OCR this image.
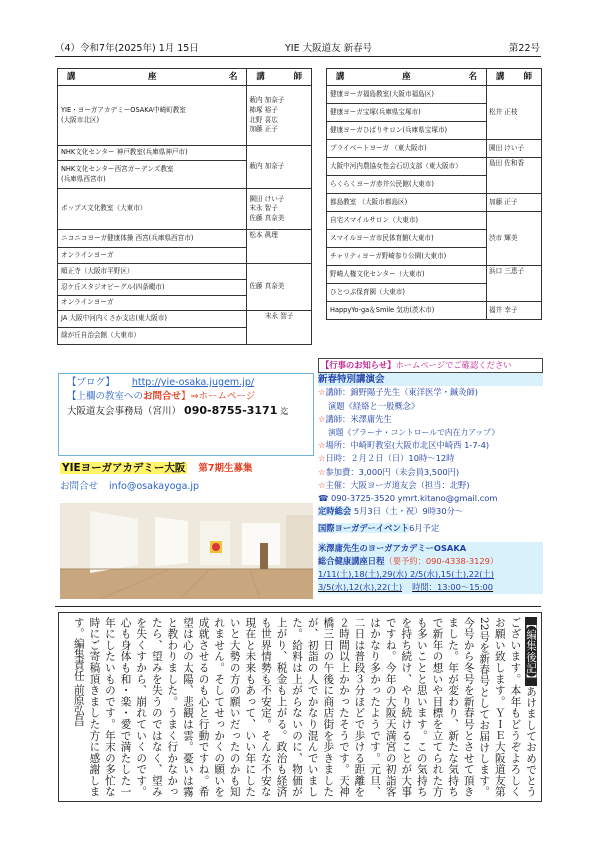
（4）令和7年(2025年) 1月 15日	YIE 大阪道友 新春号	第22号
講 座 名	講 師

YIE・ヨーガアカデミーOSAKA中崎町教室
(大阪市北区)	薮内 加奈子
柿塚 裕子
北野 喜広
加藤 正子

NHK文化センター 神戸教室(兵庫県神戸市)	薮内 加奈子

NHK文化センター西宮ガーデンズ教室
(兵庫県西宮市)	

ポップス文化教室（大東市）	園田 けい子
末永 智子
佐藤 真奈美

ニコニコヨーガ健康体操 西宮(兵庫県西宮市)	松本 眞理

オンラインヨーガ	

順正寺（大阪市平野区）	佐藤 真奈美

忍ケ丘スタジオビーグル(四条畷市)	

オンラインヨーガ	

JA 大阪中河内くさか支店(東大阪市)	末永 智子

緑が丘自治会館（大東市）	
講 座 名	講 師

健康ヨーガ福島教室(大阪市福島区)	松井 正枝
健康ヨーガ宝塚(兵庫県宝塚市)	
健康ヨーガひばりサロン(兵庫県宝塚市)	
プライベートヨーガ （東大阪市)	園田 けい子
大阪中河内農協女性会石切支部（東大阪市）	島田 佐和香
らくらくヨーガ赤井公民館(大東市)	
都島教室 （大阪市都島区)	加藤 正子
自宅スマイルサロン（大東市)	渋市 輝美
スマイルヨーガ市民体育館(大東市)	
チャリティヨーガ野崎参り公園(大東市)	
野崎人権文化センター（大東市)	浜口 三恵子
ひとつぶ保育園（大東市)	
HappyYo-ga＆Smile 気功(茨木市)	福井 幸子
【ブログ】 http://yie-osaka.jugem.jp/
【上欄の教室へのお問合せ】⇒ホームページ
大阪道友会事務局（宮川） 090‐8755‐3171 迄
YIEヨーガアカデミー大阪 第7期生募集
お問合せ info@osakayoga.jp
【行事のお知らせ】ホームページでご確認ください
新春特別講演会
☆講師：錦野陽子先生（東洋医学・鍼灸師)
演題《経絡と一般概念》
☆講師：米澤庸先生
演題《プラーナ・コントロールで内在力アップ》
☆場所：中崎町教室(大阪市北区中崎西 1-7-4)
☆日時：２月２日（日）10時～12時
☆参加費：3,000円（未会員3,500円)
☆主催：大阪ヨーガ道友会（担当：北野)
☎ 090-3725-3520 ymrt.kitano@gmail.com
定時総会 5月3日（土・祝）9時30分～
国際ヨーガデーイベント6月予定
米澤庸先生のヨーガアカデミーOSAKA
総合健康講座日程（要予約：090-4338-3129）
1/11(土),18(土),29(水) 2/5(水),15(土),22(土)
3/5(水),12(水),22(土) 時間：13:00～15:00
【編集後記】あけましておめでとうございます。本年もどうぞよろしくお願い致します。ＹＩＥ大阪道友第22号を新春号としてお届けします。今号から冬号を新春号とさせて頂きました。年が変わり、新たな気持ちで新年の想いや目標を立てられた方も多いことと思います。この気持ちを持ち続け、やり続けることが大事ですね。今年の大阪天満宮の初詣客はかなり多かったようです。元旦、二日は普段３分ほどで歩ける距離を２時間以上かかったそうです。天神橋三日の午後に商店街を歩きましたが、初詣の人でかなり混んでいました。給料は上がらないのに、物価が上がり、税金も上がる。政治も経済も世界情勢も不安定。そんな不安な現在と未来もあって、いい年にしたいと大勢の方の願いだったのかも知れません。そしてせっかくの願いを成就させるのも心と行動ですね。希望は心の太陽、悲観は雲。憂いは霧と教わりました。うまく行かなかったら、望みを失うのではなく、望みを失くすから、崩れていくのです。心も身体も和・楽・愛で満たした一年にしたいものです。年末の多忙な時にご寄稿頂きました方に感謝します。編集責任 前原弘昌
